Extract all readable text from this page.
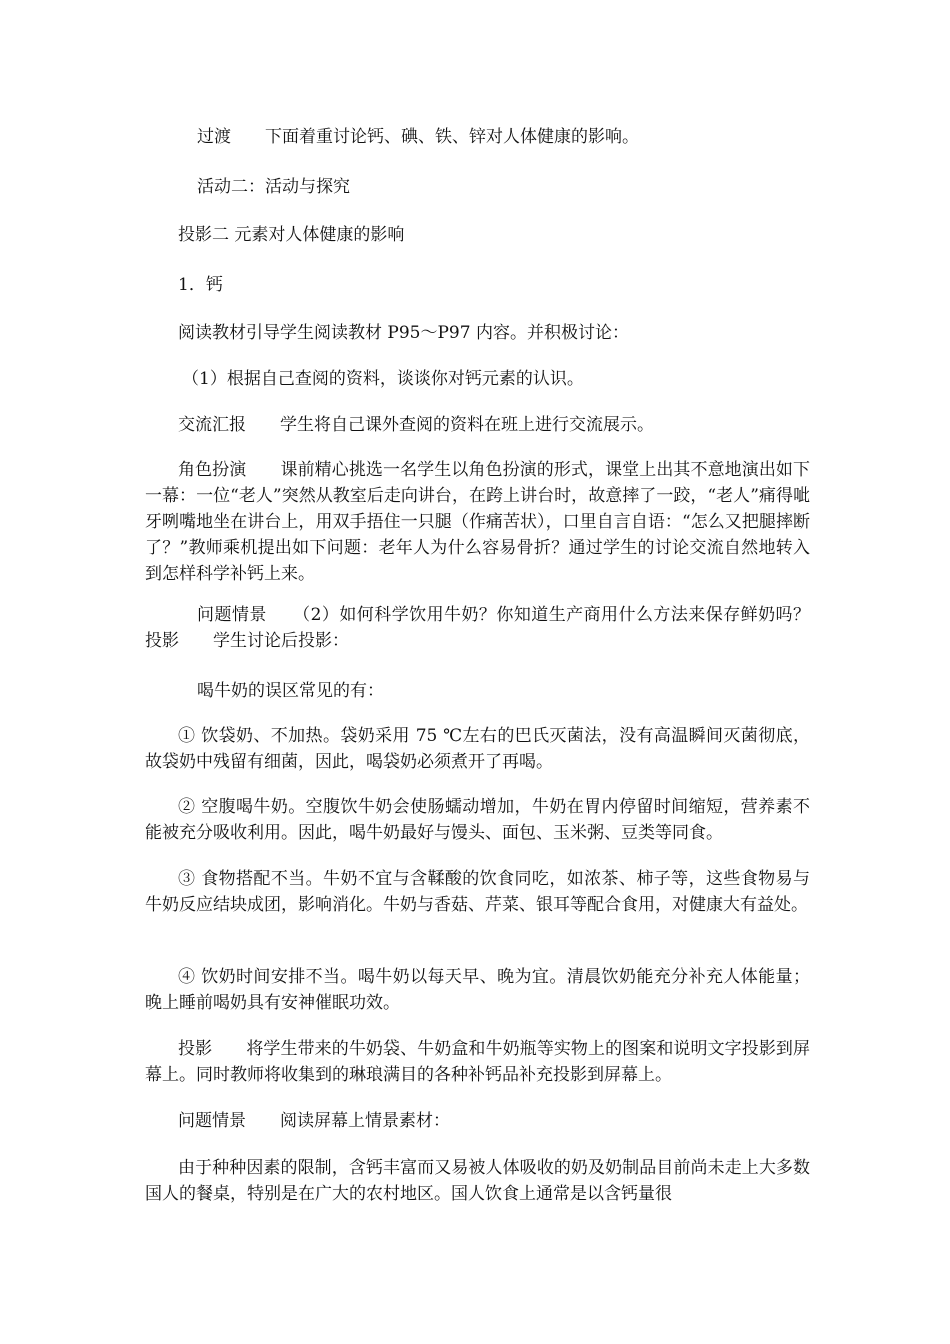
过渡　　下面着重讨论钙、碘、铁、锌对人体健康的影响。
活动二：活动与探究
投影二 元素对人体健康的影响
1．钙
阅读教材引导学生阅读教材 P95～P97 内容。并积极讨论：
（1）根据自己查阅的资料，谈谈你对钙元素的认识。
交流汇报　　学生将自己课外查阅的资料在班上进行交流展示。
角色扮演　　课前精心挑选一名学生以角色扮演的形式，课堂上出其不意地演出如下一幕：一位“老人”突然从教室后走向讲台，在跨上讲台时，故意摔了一跤，“老人”痛得呲牙咧嘴地坐在讲台上，用双手捂住一只腿（作痛苦状），口里自言自语：“怎么又把腿摔断了？”教师乘机提出如下问题：老年人为什么容易骨折？通过学生的讨论交流自然地转入到怎样科学补钙上来。
问题情景　　（2）如何科学饮用牛奶？你知道生产商用什么方法来保存鲜奶吗？投影　　学生讨论后投影：
喝牛奶的误区常见的有：
① 饮袋奶、不加热。袋奶采用 75 ℃左右的巴氏灭菌法，没有高温瞬间灭菌彻底，故袋奶中残留有细菌，因此，喝袋奶必须煮开了再喝。
② 空腹喝牛奶。空腹饮牛奶会使肠蠕动增加，牛奶在胃内停留时间缩短，营养素不能被充分吸收利用。因此，喝牛奶最好与馒头、面包、玉米粥、豆类等同食。
③ 食物搭配不当。牛奶不宜与含鞣酸的饮食同吃，如浓茶、柿子等，这些食物易与牛奶反应结块成团，影响消化。牛奶与香菇、芹菜、银耳等配合食用，对健康大有益处。
④ 饮奶时间安排不当。喝牛奶以每天早、晚为宜。清晨饮奶能充分补充人体能量；晚上睡前喝奶具有安神催眠功效。
投影　　将学生带来的牛奶袋、牛奶盒和牛奶瓶等实物上的图案和说明文字投影到屏幕上。同时教师将收集到的琳琅满目的各种补钙品补充投影到屏幕上。
问题情景　　阅读屏幕上情景素材：
由于种种因素的限制，含钙丰富而又易被人体吸收的奶及奶制品目前尚未走上大多数国人的餐桌，特别是在广大的农村地区。国人饮食上通常是以含钙量很
